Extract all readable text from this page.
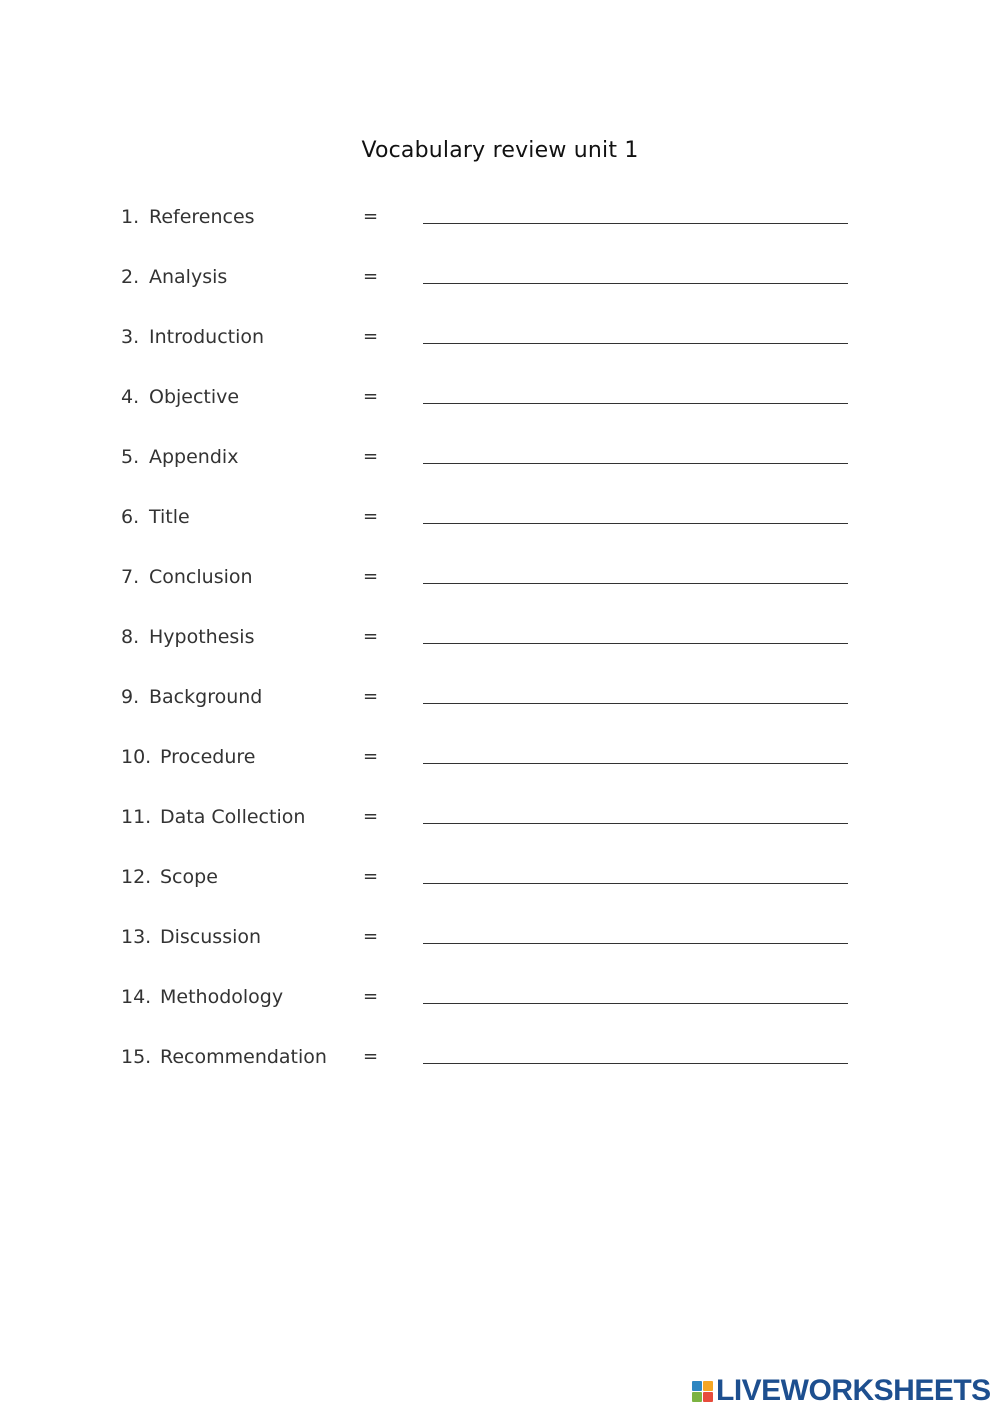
Vocabulary review unit 1
1. References	=
2. Analysis	=
3. Introduction	=
4. Objective	=
5. Appendix	=
6. Title	=
7. Conclusion	=
8. Hypothesis	=
9. Background	=
10. Procedure	=
11. Data Collection	=
12. Scope	=
13. Discussion	=
14. Methodology	=
15. Recommendation =
LIVEWORKSHEETS
